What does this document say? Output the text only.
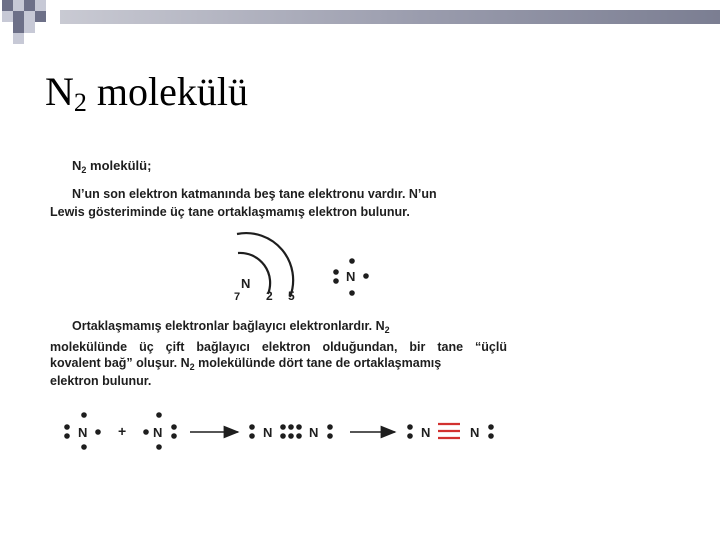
$N_2$ molekülü
$N_2$ molekülü;
N’un son elektron katmanında beş tane elektronu vardır. N’un
Lewis gösteriminde üç tane ortaklaşmamış elektron bulunur.
N
7 2 5
N
Ortaklaşmamış elektronlar bağlayıcı elektronlardır. $N_2$
molekülünde üç çift bağlayıcı elektron olduğundan, bir tane “üçlü
kovalent bağ” oluşur. $N_2$ molekülünde dört tane de ortaklaşmamış
elektron bulunur.
N + N	N	N	N	N
